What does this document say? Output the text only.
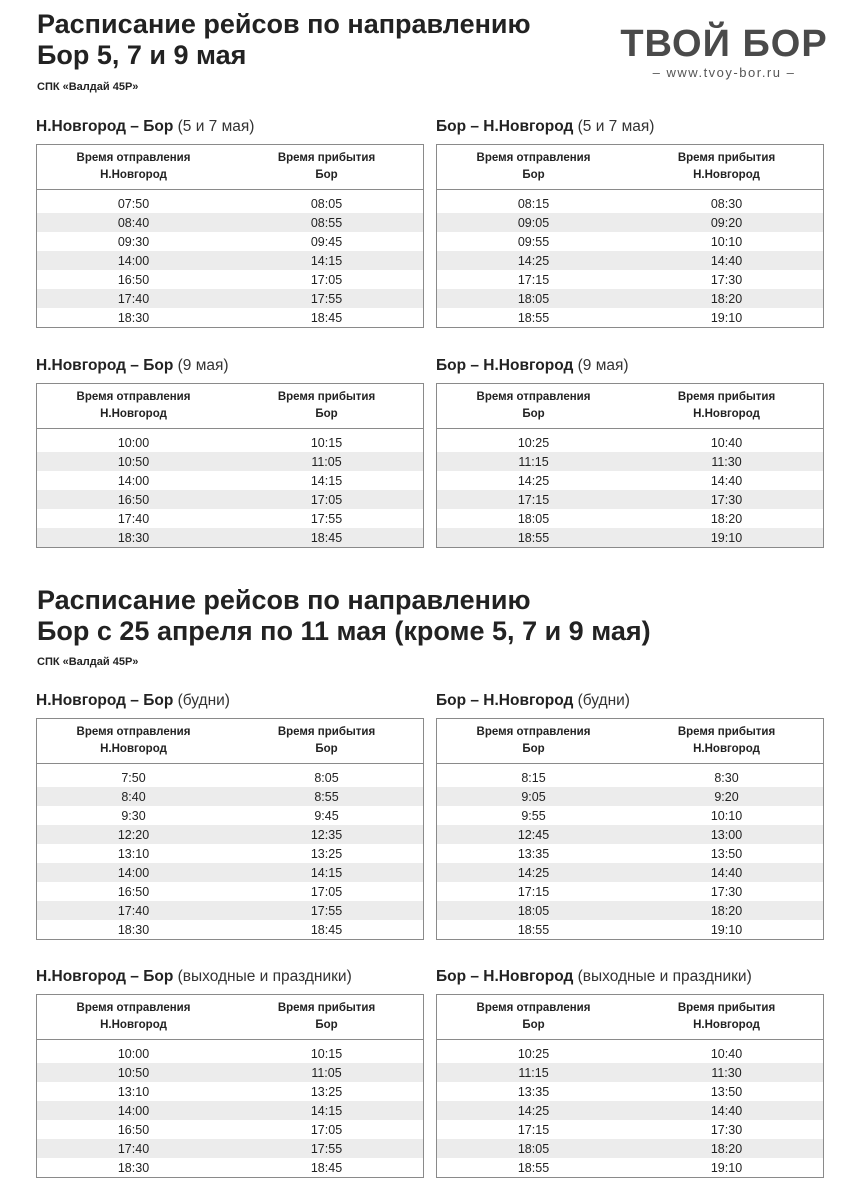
Расписание рейсов по направлению
Бор 5, 7 и 9 мая
СПК «Валдай 45Р»
ТВОЙ БОР
– www.tvoy-bor.ru –
Расписание рейсов по направлению
Бор с 25 апреля по 11 мая (кроме 5, 7 и 9 мая)
СПК «Валдай 45Р»
Н.Новгород – Бор (5 и 7 мая)
Время отправления
Н.Новгород
Время прибытия
Бор
07:50	08:05
08:40	08:55
09:30	09:45
14:00	14:15
16:50	17:05
17:40	17:55
18:30	18:45
Бор – Н.Новгород (5 и 7 мая)
Время отправления
Бор
Время прибытия
Н.Новгород
08:15	08:30
09:05	09:20
09:55	10:10
14:25	14:40
17:15	17:30
18:05	18:20
18:55	19:10
Н.Новгород – Бор (9 мая)
Время отправления
Н.Новгород
Время прибытия
Бор
10:00	10:15
10:50	11:05
14:00	14:15
16:50	17:05
17:40	17:55
18:30	18:45
Бор – Н.Новгород (9 мая)
Время отправления
Бор
Время прибытия
Н.Новгород
10:25	10:40
11:15	11:30
14:25	14:40
17:15	17:30
18:05	18:20
18:55	19:10
Н.Новгород – Бор (будни)
Время отправления
Н.Новгород
Время прибытия
Бор
7:50	8:05
8:40	8:55
9:30	9:45
12:20	12:35
13:10	13:25
14:00	14:15
16:50	17:05
17:40	17:55
18:30	18:45
Бор – Н.Новгород (будни)
Время отправления
Бор
Время прибытия
Н.Новгород
8:15	8:30
9:05	9:20
9:55	10:10
12:45	13:00
13:35	13:50
14:25	14:40
17:15	17:30
18:05	18:20
18:55	19:10
Н.Новгород – Бор (выходные и праздники)
Время отправления
Н.Новгород
Время прибытия
Бор
10:00	10:15
10:50	11:05
13:10	13:25
14:00	14:15
16:50	17:05
17:40	17:55
18:30	18:45
Бор – Н.Новгород (выходные и праздники)
Время отправления
Бор
Время прибытия
Н.Новгород
10:25	10:40
11:15	11:30
13:35	13:50
14:25	14:40
17:15	17:30
18:05	18:20
18:55	19:10
